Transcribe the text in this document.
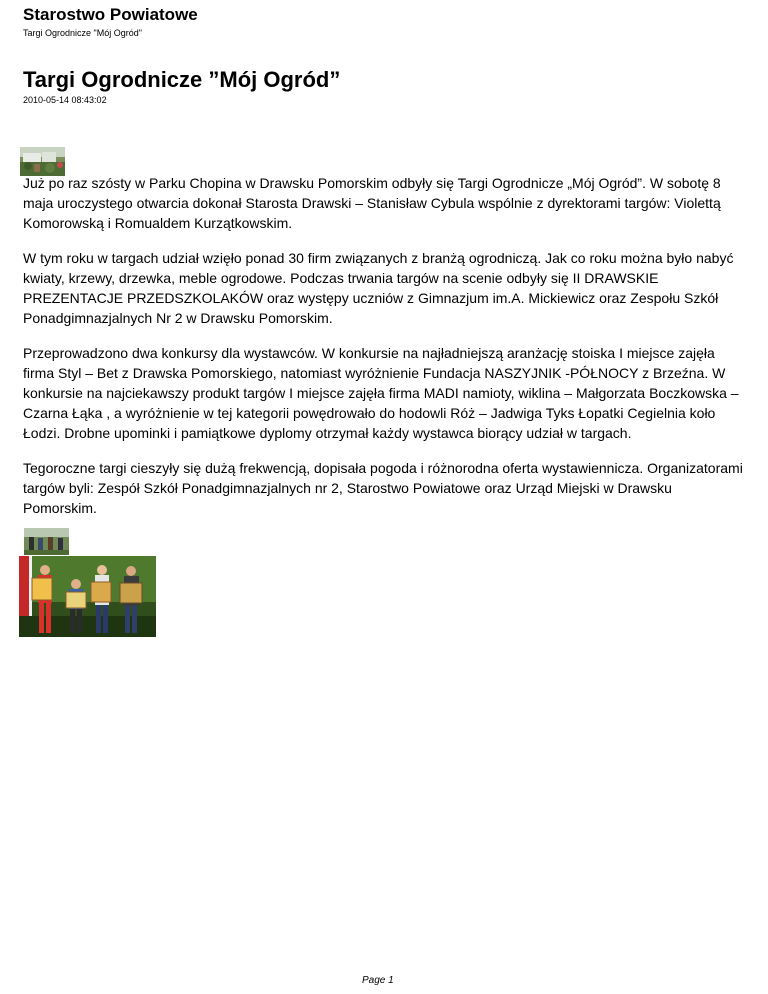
Starostwo Powiatowe
Targi Ogrodnicze "Mój Ogród"
Targi Ogrodnicze ”Mój Ogród”
2010-05-14 08:43:02

Już po raz szósty w Parku Chopina w Drawsku Pomorskim odbyły się Targi Ogrodnicze „Mój Ogród”. W sobotę 8 maja uroczystego otwarcia dokonał Starosta Drawski – Stanisław Cybula wspólnie z dyrektorami targów: Violettą Komorowską i Romualdem Kurzątkowskim.

W tym roku w targach udział wzięło ponad 30 firm związanych z branżą ogrodniczą. Jak co roku można było nabyć kwiaty, krzewy, drzewka, meble ogrodowe. Podczas trwania targów na scenie odbyły się II DRAWSKIE PREZENTACJE PRZEDSZKOLAKÓW oraz występy uczniów z Gimnazjum im.A. Mickiewicz oraz Zespołu Szkół Ponadgimnazjalnych Nr 2 w Drawsku Pomorskim.

Przeprowadzono dwa konkursy dla wystawców. W konkursie na najładniejszą aranżację stoiska I miejsce zajęła firma Styl – Bet z Drawska Pomorskiego, natomiast wyróżnienie Fundacja NASZYJNIK -PÓŁNOCY z Brzeźna. W konkursie na najciekawszy produkt targów I miejsce zajęła firma MADI namioty, wiklina – Małgorzata Boczkowska – Czarna Łąka , a wyróżnienie w tej kategorii powędrowało do hodowli Róż – Jadwiga Tyks Łopatki Cegielnia koło Łodzi. Drobne upominki i pamiątkowe dyplomy otrzymał każdy wystawca biorący udział w targach.

Tegoroczne targi cieszyły się dużą frekwencją, dopisała pogoda i różnorodna oferta wystawiennicza. Organizatorami targów byli: Zespół Szkół Ponadgimnazjalnych nr 2, Starostwo Powiatowe oraz Urząd Miejski w Drawsku Pomorskim.

Page 1
